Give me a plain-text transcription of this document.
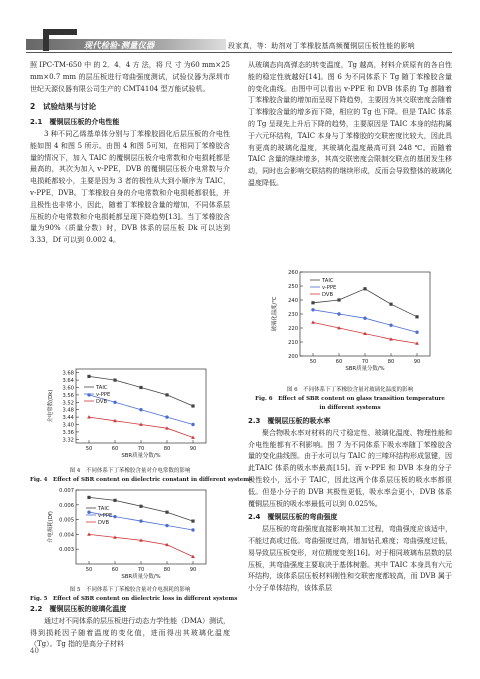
现代检验·测量仪器	段家真，等：助剂对丁苯橡胶基高频覆铜层压板性能的影响

照 IPC-TM-650 中 的 2．4．4 方 法，将 尺 寸 为60 mm×25 mm×0.7 mm 的层压板进行弯曲强度测试，试验仪器为深圳市世纪天源仪器有限公司生产的 CMT4104 型万能试验机。

2　试验结果与讨论
2.1　覆铜层压板的介电性能

3 种不同乙烯基单体分别与丁苯橡胶固化后层压板的介电性能如图 4 和图 5 所示。由图 4 和图 5可知，在相同丁苯橡胶含量的情况下，加入 TAIC 的覆铜层压板介电常数和介电损耗都是最高的，其次为加入 v-PPE，DVB 的覆铜层压板介电常数与介电损耗都较小，主要是因为 3 者的极性从大到小顺序为 TAIC，v-PPE，DVB。丁苯橡胶自身的介电常数和介电损耗都很低，并且极性也非常小，因此，随着丁苯橡胶含量的增加，不同体系层压板的介电常数和介电损耗都呈现下降趋势[13]。当丁苯橡胶含量为90%（质量分数）时，DVB 体系的层压板 Dk 可以达到 3.33，Df 可以到 0.002 4。

3.68
3.64
3.60
3.56
3.52
3.48
3.44
3.40
3.36
3.32
50	60	70	80	90
SBR质量分数/%
介电常数(Dk)
TAIC
v-PPE
DVB
图 4　不同体系下丁苯橡胶含量对介电常数的影响
Fig. 4　Effect of SBR content on dielectric constant in different systems
0.007
0.006
0.005
0.004
0.003
50	60	70	80	90
SBR质量分数/%
介电损耗(Df)
TAIC
v-PPE
DVB
图 5　不同体系下丁苯橡胶含量对介电损耗的影响
Fig. 5　Effect of SBR content on dielectric loss in different systems
2.2　覆铜层压板的玻璃化温度

通过对不同体系的层压板进行动态力学性能（DMA）测试，得到损耗因子随着温度的变化值，进而得出其玻璃化温度（Tg）。Tg 指的是高分子材料

40

从玻璃态向高弹态的转变温度，Tg 越高，材料介质原有的各自性能的稳定性就越好[14]。图 6 为不同体系下 Tg 随丁苯橡胶含量的变化曲线。由图中可以看出 v-PPE 和 DVB 体系的 Tg 都随着丁苯橡胶含量的增加而呈现下降趋势，主要因为其交联密度会随着丁苯橡胶含量的增多而下降，相应的 Tg 也下降。但是 TAIC 体系的 Tg 呈现先上升后下降的趋势，主要原因是 TAIC 本身的结构属于六元环结构，TAIC 本身与丁苯橡胶的交联密度比较大，因此具有更高的玻璃化温度，其玻璃化温度最高可到 248 ℃。而随着 TAIC 含量的继续增多，其高交联密度会限制交联点的基团发生移动，同时也会影响交联结构的继续形成，反而会导致整体的玻璃化温度降低。

260
250
240
230
220
210
200
50	60	70	80	90
SBR质量分数/%
玻璃化温度/℃
TAIC
v-PPE
DVB
图 6　不同体系下丁苯橡胶含量对玻璃化温度的影响
Fig. 6　Effect of SBR content on glass transition temperature
in different systems
2.3　覆铜层压板的吸水率

聚合物吸水率对材料的尺寸稳定性、玻璃化温度、物理性能和介电性能都有不利影响。图 7 为不同体系下吸水率随丁苯橡胶含量的变化曲线图。由于水可以与 TAIC 的三嗪环结构形成氢键，因此TAIC 体系的吸水率最高[15]。而 v-PPE 和 DVB 本身的分子极性较小，远小于 TAIC，因此这两个体系层压板的吸水率都很低。但是小分子的 DVB 其极性更低，吸水率会更小，DVB 体系覆铜层压板的吸水率最低可以到 0.025%。

2.4　覆铜层压板的弯曲强度

层压板的弯曲强度直接影响其加工过程，弯曲强度应该适中，不能过高或过低。弯曲强度过高，增加钻孔难度；弯曲强度过低，易导致层压板变形，对位精度变差[16]。对于相同玻璃布层数的层压板，其弯曲强度主要取决于基体树脂。其中 TAIC 本身具有六元环结构，该体系层压板材料刚性和交联密度都较高，而 DVB 属于小分子单体结构，该体系层
